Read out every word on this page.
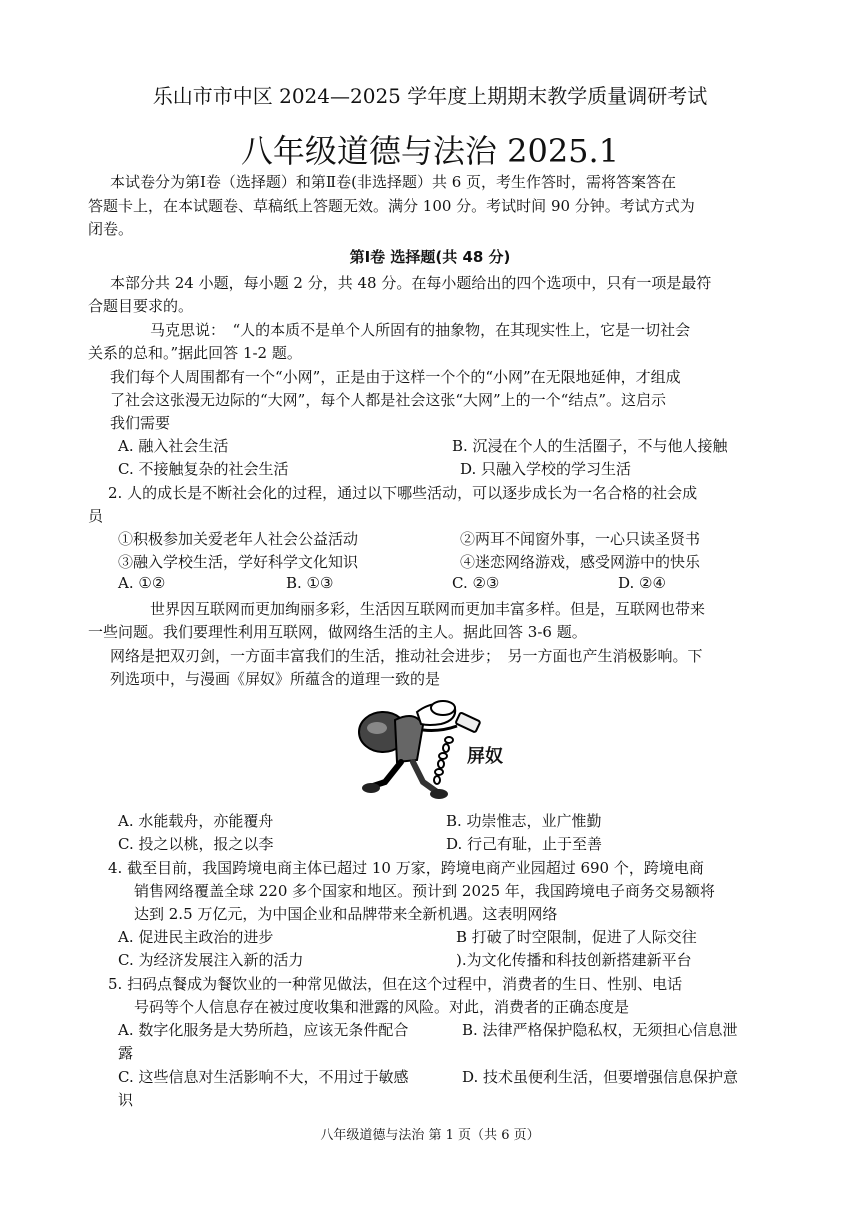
乐山市市中区 2024—2025 学年度上期期末教学质量调研考试
八年级道德与法治 2025.1
本试卷分为第Ⅰ卷（选择题）和第Ⅱ卷(非选择题）共 6 页，考生作答时，需将答案答在
答题卡上，在本试题卷、草稿纸上答题无效。满分 100 分。考试时间 90 分钟。考试方式为
闭卷。
第Ⅰ卷 选择题(共 48 分)
本部分共 24 小题，每小题 2 分，共 48 分。在每小题给出的四个选项中，只有一项是最符
合题目要求的。
马克思说：　“人的本质不是单个人所固有的抽象物，在其现实性上，它是一切社会
关系的总和。”据此回答 1-2 题。
我们每个人周围都有一个“小网”，正是由于这样一个个的“小网”在无限地延伸，才组成
了社会这张漫无边际的“大网”，每个人都是社会这张“大网”上的一个“结点”。这启示
我们需要
A. 融入社会生活	B. 沉浸在个人的生活圈子，不与他人接触
C. 不接触复杂的社会生活	D. 只融入学校的学习生活
2. 人的成长是不断社会化的过程，通过以下哪些活动，可以逐步成长为一名合格的社会成
员
①积极参加关爱老年人社会公益活动	②两耳不闻窗外事，一心只读圣贤书
③融入学校生活，学好科学文化知识	④迷恋网络游戏，感受网游中的快乐
A. ①②	B. ①③	C. ②③	D. ②④
世界因互联网而更加绚丽多彩，生活因互联网而更加丰富多样。但是，互联网也带来
一些问题。我们要理性利用互联网，做网络生活的主人。据此回答 3-6 题。
网络是把双刃剑，一方面丰富我们的生活，推动社会进步；　另一方面也产生消极影响。下
列选项中，与漫画《屏奴》所蕴含的道理一致的是
屏奴
A. 水能载舟，亦能覆舟	B. 功崇惟志，业广惟勤
C. 投之以桃，报之以李	D. 行己有耻，止于至善
4. 截至目前，我国跨境电商主体已超过 10 万家，跨境电商产业园超过 690 个，跨境电商
销售网络覆盖全球 220 多个国家和地区。预计到 2025 年，我国跨境电子商务交易额将
达到 2.5 万亿元，为中国企业和品牌带来全新机遇。这表明网络
A. 促进民主政治的进步	B 打破了时空限制，促进了人际交往
C. 为经济发展注入新的活力	).为文化传播和科技创新搭建新平台
5. 扫码点餐成为餐饮业的一种常见做法，但在这个过程中，消费者的生日、性别、电话
号码等个人信息存在被过度收集和泄露的风险。对此，消费者的正确态度是
A. 数字化服务是大势所趋，应该无条件配合	B. 法律严格保护隐私权，无须担心信息泄
露
C. 这些信息对生活影响不大，不用过于敏感	D. 技术虽便利生活，但要增强信息保护意
识
八年级道德与法治 第 1 页（共 6 页）
